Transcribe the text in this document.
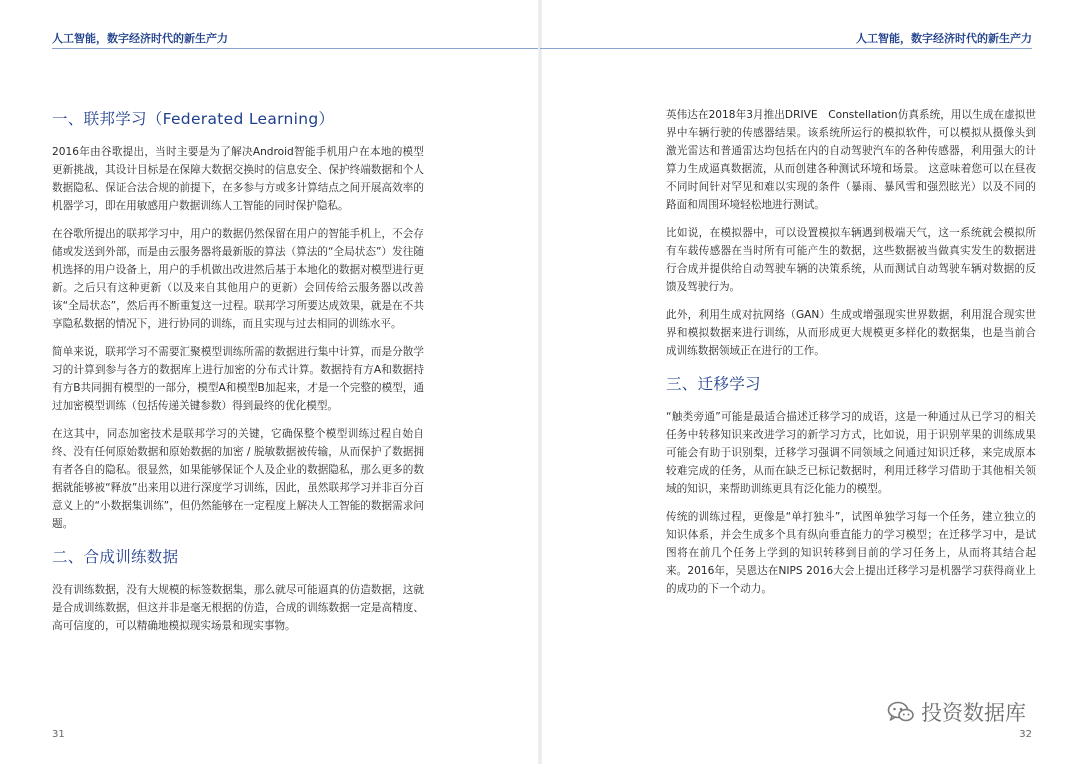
人工智能，数字经济时代的新生产力
一、联邦学习（Federated Learning）

2016年由谷歌提出，当时主要是为了解决Android智能手机用户在本地的模型更新挑战，其设计目标是在保障大数据交换时的信息安全、保护终端数据和个人数据隐私、保证合法合规的前提下，在多参与方或多计算结点之间开展高效率的机器学习，即在用敏感用户数据训练人工智能的同时保护隐私。

在谷歌所提出的联邦学习中，用户的数据仍然保留在用户的智能手机上，不会存储或发送到外部，而是由云服务器将最新版的算法（算法的“全局状态”）发往随机选择的用户设备上，用户的手机做出改进然后基于本地化的数据对模型进行更新。之后只有这种更新（以及来自其他用户的更新）会回传给云服务器以改善该“全局状态”，然后再不断重复这一过程。联邦学习所要达成效果，就是在不共享隐私数据的情况下，进行协同的训练，而且实现与过去相同的训练水平。

简单来说，联邦学习不需要汇聚模型训练所需的数据进行集中计算，而是分散学习的计算到参与各方的数据库上进行加密的分布式计算。数据持有方A和数据持有方B共同拥有模型的一部分，模型A和模型B加起来，才是一个完整的模型，通过加密模型训练（包括传递关键参数）得到最终的优化模型。

在这其中，同态加密技术是联邦学习的关键，它确保整个模型训练过程自始自终、没有任何原始数据和原始数据的加密 / 脱敏数据被传输，从而保护了数据拥有者各自的隐私。很显然，如果能够保证个人及企业的数据隐私，那么更多的数据就能够被“释放”出来用以进行深度学习训练，因此，虽然联邦学习并非百分百意义上的“小数据集训练”，但仍然能够在一定程度上解决人工智能的数据需求问题。

二、合成训练数据

没有训练数据，没有大规模的标签数据集，那么就尽可能逼真的仿造数据，这就是合成训练数据，但这并非是毫无根据的仿造，合成的训练数据一定是高精度、高可信度的，可以精确地模拟现实场景和现实事物。

31
人工智能，数字经济时代的新生产力
32

英伟达在2018年3月推出DRIVE　Constellation仿真系统，用以生成在虚拟世界中车辆行驶的传感器结果。该系统所运行的模拟软件，可以模拟从摄像头到激光雷达和普通雷达均包括在内的自动驾驶汽车的各种传感器，利用强大的计算力生成逼真数据流，从而创建各种测试环境和场景。 这意味着您可以在昼夜不同时间针对罕见和难以实现的条件（暴雨、暴风雪和强烈眩光）以及不同的路面和周围环境轻松地进行测试。

比如说，在模拟器中，可以设置模拟车辆遇到极端天气，这一系统就会模拟所有车载传感器在当时所有可能产生的数据，这些数据被当做真实发生的数据进行合成并提供给自动驾驶车辆的决策系统，从而测试自动驾驶车辆对数据的反馈及驾驶行为。

此外，利用生成对抗网络（GAN）生成或增强现实世界数据，利用混合现实世界和模拟数据来进行训练，从而形成更大规模更多样化的数据集，也是当前合成训练数据领域正在进行的工作。

三、迁移学习

“触类旁通”可能是最适合描述迁移学习的成语，这是一种通过从已学习的相关任务中转移知识来改进学习的新学习方式，比如说，用于识别苹果的训练成果可能会有助于识别梨，迁移学习强调不同领域之间通过知识迁移，来完成原本较难完成的任务，从而在缺乏已标记数据时，利用迁移学习借助于其他相关领域的知识，来帮助训练更具有泛化能力的模型。

传统的训练过程，更像是“单打独斗”，试图单独学习每一个任务，建立独立的知识体系，并会生成多个具有纵向垂直能力的学习模型；在迁移学习中，是试图将在前几个任务上学到的知识转移到目前的学习任务上，从而将其结合起来。2016年，吴恩达在NIPS 2016大会上提出迁移学习是机器学习获得商业上的成功的下一个动力。

投资数据库
